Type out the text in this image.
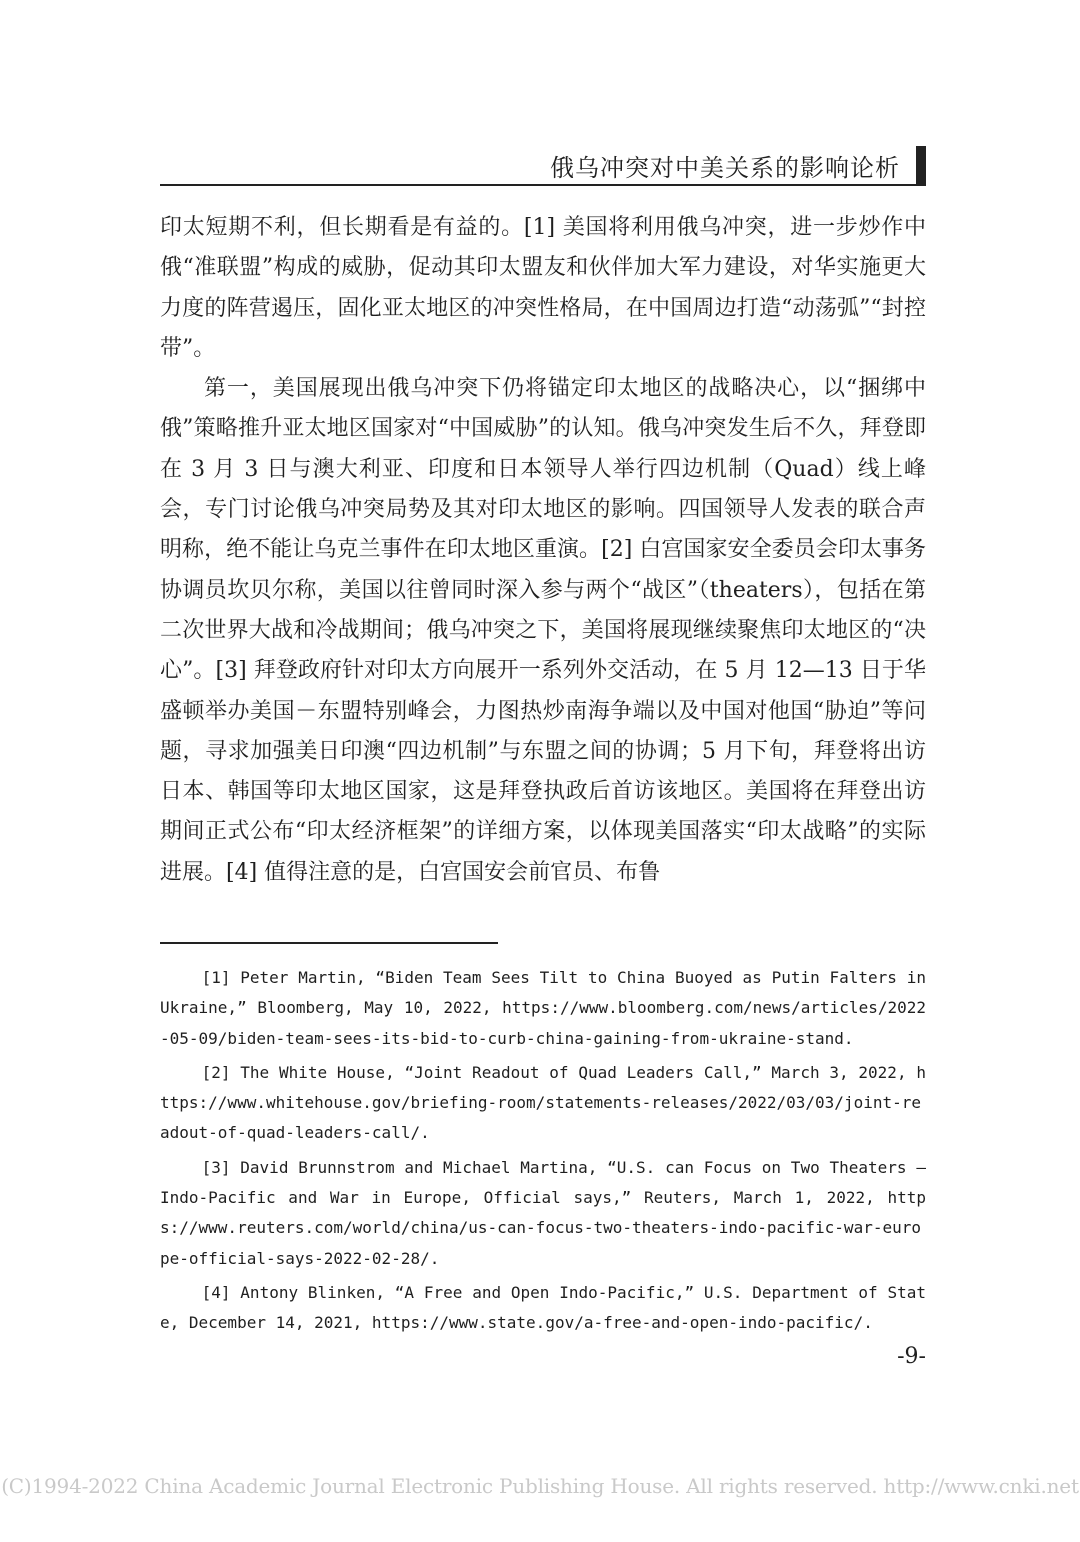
俄乌冲突对中美关系的影响论析

印太短期不利，但长期看是有益的。[1] 美国将利用俄乌冲突，进一步炒作中俄“准联盟”构成的威胁，促动其印太盟友和伙伴加大军力建设，对华实施更大力度的阵营遏压，固化亚太地区的冲突性格局，在中国周边打造“动荡弧”“封控带”。

第一，美国展现出俄乌冲突下仍将锚定印太地区的战略决心，以“捆绑中俄”策略推升亚太地区国家对“中国威胁”的认知。俄乌冲突发生后不久，拜登即在 3 月 3 日与澳大利亚、印度和日本领导人举行四边机制（Quad）线上峰会，专门讨论俄乌冲突局势及其对印太地区的影响。四国领导人发表的联合声明称，绝不能让乌克兰事件在印太地区重演。[2] 白宫国家安全委员会印太事务协调员坎贝尔称，美国以往曾同时深入参与两个“战区”（theaters），包括在第二次世界大战和冷战期间；俄乌冲突之下，美国将展现继续聚焦印太地区的“决心”。[3] 拜登政府针对印太方向展开一系列外交活动，在 5 月 12—13 日于华盛顿举办美国－东盟特别峰会，力图热炒南海争端以及中国对他国“胁迫”等问题，寻求加强美日印澳“四边机制”与东盟之间的协调；5 月下旬，拜登将出访日本、韩国等印太地区国家，这是拜登执政后首访该地区。美国将在拜登出访期间正式公布“印太经济框架”的详细方案，以体现美国落实“印太战略”的实际进展。[4] 值得注意的是，白宫国安会前官员、布鲁

[1] Peter Martin, “Biden Team Sees Tilt to China Buoyed as Putin Falters in Ukraine,” Bloomberg, May 10, 2022, https://www.bloomberg.com/news/articles/2022-05-09/biden-team-sees-its-bid-to-curb-china-gaining-from-ukraine-stand.

[2] The White House, “Joint Readout of Quad Leaders Call,” March 3, 2022, https://www.whitehouse.gov/briefing-room/statements-releases/2022/03/03/joint-readout-of-quad-leaders-call/.

[3] David Brunnstrom and Michael Martina, “U.S. can Focus on Two Theaters – Indo-Pacific and War in Europe, Official says,” Reuters, March 1, 2022, https://www.reuters.com/world/china/us-can-focus-two-theaters-indo-pacific-war-europe-official-says-2022-02-28/.

[4] Antony Blinken, “A Free and Open Indo-Pacific,” U.S. Department of State, December 14, 2021, https://www.state.gov/a-free-and-open-indo-pacific/.

-9-
(C)1994-2022 China Academic Journal Electronic Publishing House. All rights reserved. http://www.cnki.net
